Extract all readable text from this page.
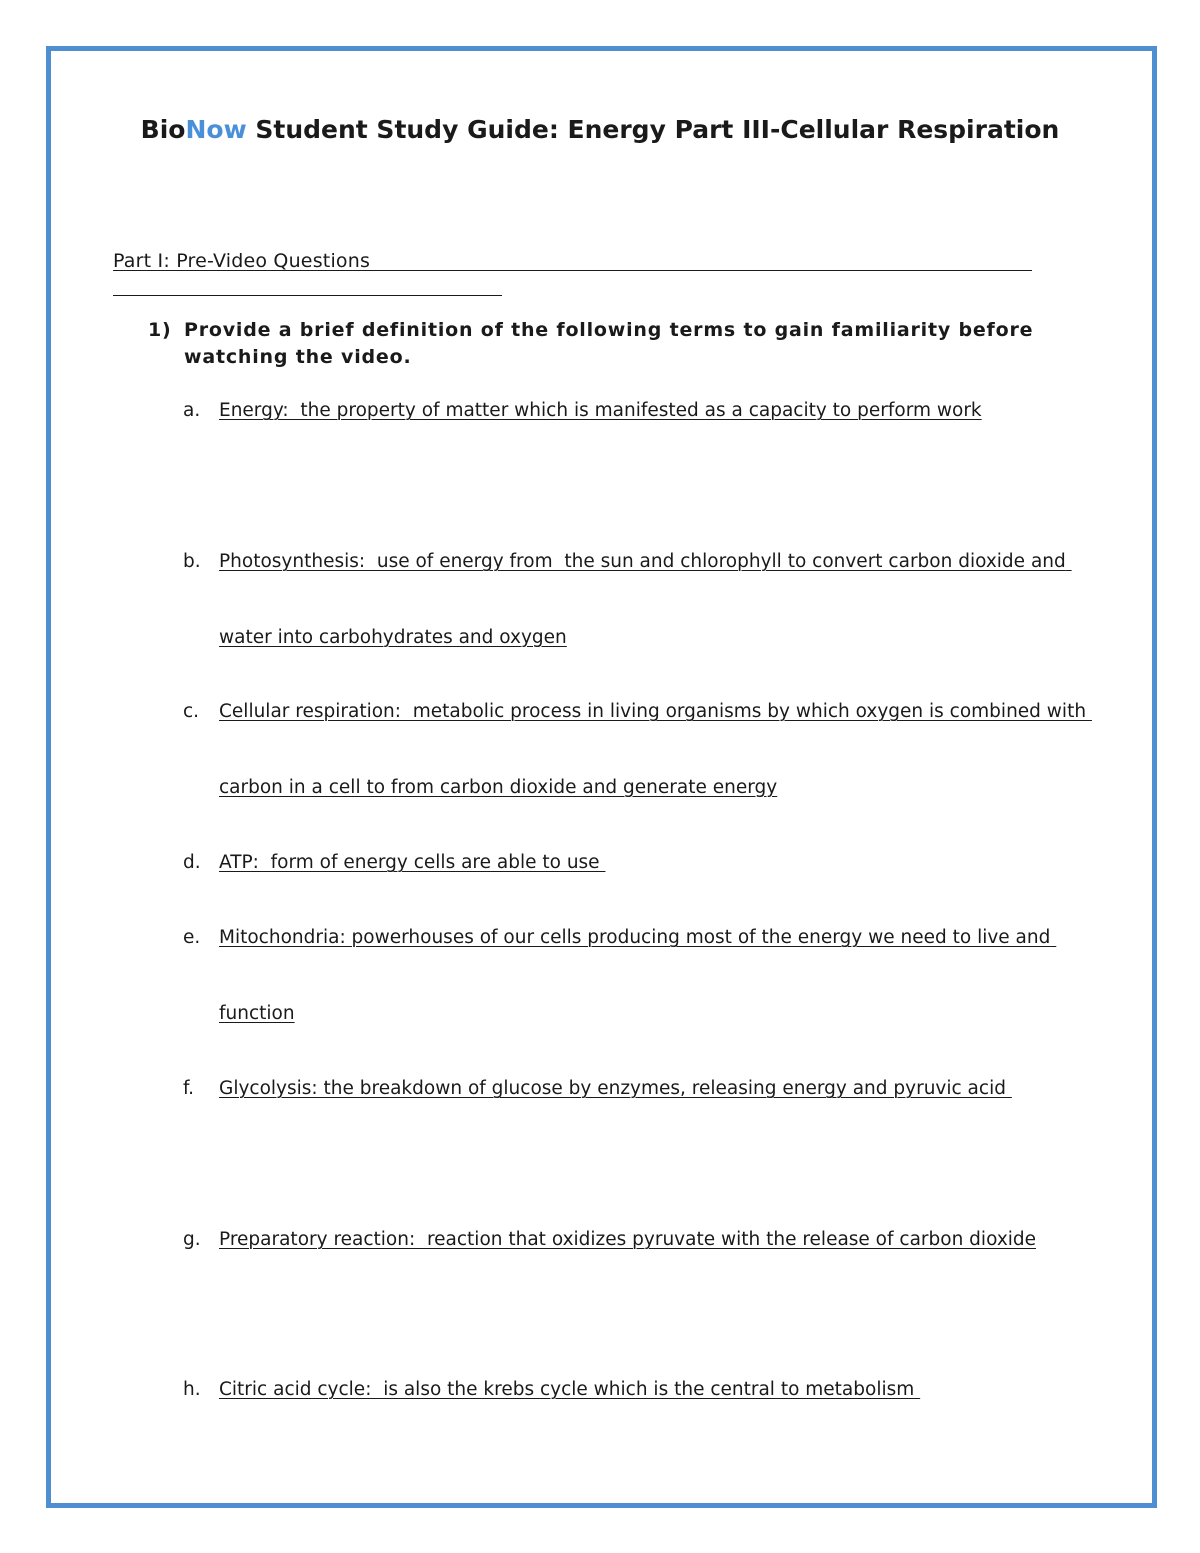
BioNow Student Study Guide: Energy Part III-Cellular Respiration
Part I: Pre-Video Questions
1) Provide a brief definition of the following terms to gain familiarity before watching the video.
a.	Energy:  the property of matter which is manifested as a capacity to perform work
b. Photosynthesis:  use of energy from  the sun and chlorophyll to convert carbon dioxide and water into carbohydrates and oxygen
c.	Cellular respiration:  metabolic process in living organisms by which oxygen is combined with carbon in a cell to from carbon dioxide and generate energy
d. ATP:  form of energy cells are able to use
e.	Mitochondria: powerhouses of our cells producing most of the energy we need to live and function
f.	Glycolysis: the breakdown of glucose by enzymes, releasing energy and pyruvic acid
g. Preparatory reaction:  reaction that oxidizes pyruvate with the release of carbon dioxide
h. Citric acid cycle:  is also the krebs cycle which is the central to metabolism
